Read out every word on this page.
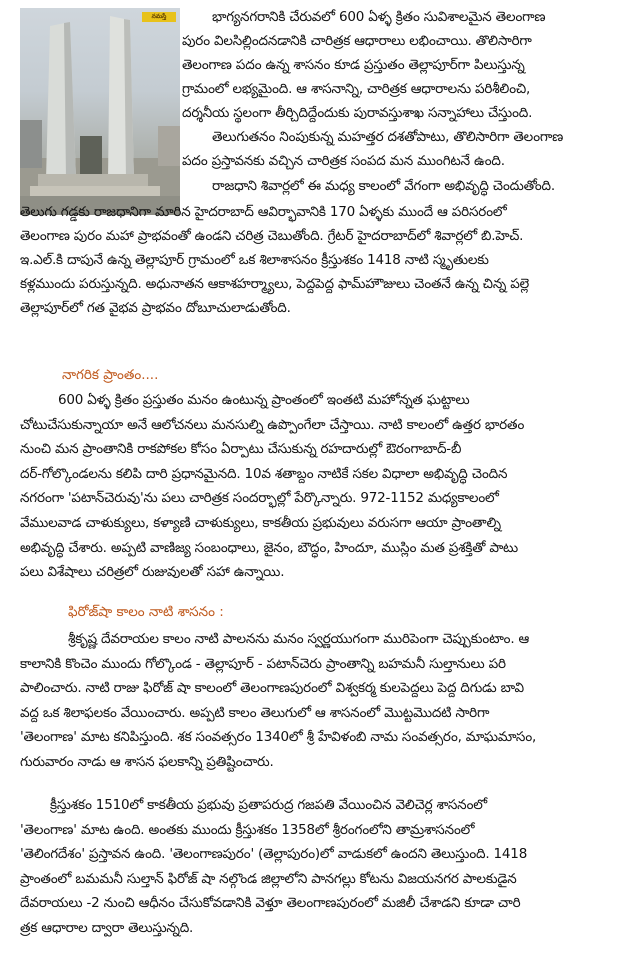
నమస్తే	భాగ్యనగరానికి చేరువలో 600 ఏళ్ళ క్రితం సువిశాలమైన తెలంగాణ
పురం విలసిల్లిందనడానికి చారిత్రక ఆధారాలు లభించాయి. తొలిసారిగా
తెలంగాణ పదం ఉన్న శాసనం కూడ ప్రస్తుతం తెల్లాపూర్‌గా పిలుస్తున్న
గ్రామంలో లభ్యమైంది. ఆ శాసనాన్ని, చారిత్రక ఆధారాలను పరిశీలించి,
దర్శనీయ స్థలంగా తీర్చిదిద్దేందుకు పురావస్తుశాఖ సన్నాహాలు చేస్తుంది.
తెలుగుతనం నింపుకున్న మహత్తర దశతోపాటు, తొలిసారిగా తెలంగాణ
పదం ప్రస్తావనకు వచ్చిన చారిత్రక సంపద మన ముంగిటనే ఉంది.
రాజధాని శివార్లలో ఈ మధ్య కాలంలో వేగంగా అభివృద్ధి చెందుతోంది.
తెలుగు గడ్డకు రాజధానిగా మారిన హైదరాబాద్ ఆవిర్భావానికి 170 ఏళ్ళకు ముందే ఆ పరిసరంలో
తెలంగాణ పురం మహా ప్రాభవంతో ఉండని చరిత్ర చెబుతోంది. గ్రేటర్ హైదరాబాద్‌లో శివార్లలో బి.హెచ్.
ఇ.ఎల్.కి దాపునే ఉన్న తెల్లాపూర్ గ్రామంలో ఒక శిలాశాసనం క్రీస్తుశకం 1418 నాటి స్మృతులకు
కళ్లముందు పరుస్తున్నది. అధునాతన ఆకాశహర్మ్యాలు, పెద్దపెద్ద ఫామ్‌హౌజులు చెంతనే ఉన్న చిన్న పల్లె
తెల్లాపూర్‌లో గత వైభవ ప్రాభవం దోబూచులాడుతోంది.
నాగరిక ప్రాంతం....
600 ఏళ్ళ క్రితం ప్రస్తుతం మనం ఉంటున్న ప్రాంతంలో ఇంతటి మహోన్నత ఘట్టాలు
చోటుచేసుకున్నాయా అనే ఆలోచనలు మనసుల్ని ఉప్పొంగేలా చేస్తాయి. నాటి కాలంలో ఉత్తర భారతం
నుంచి మన ప్రాంతానికి రాకపోకల కోసం ఏర్పాటు చేసుకున్న రహదారుల్లో ఔరంగాబాద్-బీ
దర్-గోల్కొండలను కలిపి దారి ప్రధానమైనది. 10వ శతాబ్దం నాటికే సకల విధాలా అభివృద్ధి చెందిన
నగరంగా 'పటాన్‌చెరువు'ను పలు చారిత్రక సందర్భాల్లో పేర్కొన్నారు. 972-1152 మధ్యకాలంలో
వేములవాడ చాళుక్యులు, కళ్యాణి చాళుక్యులు, కాకతీయ ప్రభువులు వరుసగా ఆయా ప్రాంతాల్ని
అభివృద్ధి చేశారు. అప్పటి వాణిజ్య సంబంధాలు, జైనం, బౌద్ధం, హిందూ, ముస్లిం మత ప్రశక్తితో పాటు
పలు విశేషాలు చరిత్రలో రుజువులతో సహా ఉన్నాయి.
ఫిరోజ్‌షా కాలం నాటి శాసనం :
శ్రీకృష్ణ దేవరాయల కాలం నాటి పాలనను మనం స్వర్ణయుగంగా మురిపెంగా చెప్పుకుంటాం. ఆ
కాలానికి కొంచెం ముందు గోల్కొండ - తెల్లాపూర్ - పటాన్‌చెరు ప్రాంతాన్ని బహమనీ సుల్తానులు పరి
పాలించారు. నాటి రాజు ఫిరోజ్ షా కాలంలో తెలంగాణపురంలో విశ్వకర్మ కులపెద్దలు పెద్ద దిగుడు బావి
వద్ద ఒక శిలాఫలకం వేయించారు. అప్పటి కాలం తెలుగులో ఆ శాసనంలో మొట్టమొదటి సారిగా
'తెలంగాణ' మాట కనిపిస్తుంది. శక సంవత్సరం 1340లో శ్రీ హేవిళంబి నామ సంవత్సరం, మాఘమాసం,
గురువారం నాడు ఆ శాసన ఫలకాన్ని ప్రతిష్టించారు.
క్రీస్తుశకం 1510లో కాకతీయ ప్రభువు ప్రతాపరుద్ర గజపతి వేయించిన వెలిచెర్ల శాసనంలో
'తెలంగాణ' మాట ఉంది. అంతకు ముందు క్రీస్తుశకం 1358లో శ్రీరంగంలోని తామ్రశాసనంలో
'తెలింగదేశం' ప్రస్తావన ఉంది. 'తెలంగాణపురం' (తెల్లాపురం)లో వాడుకలో ఉందని తెలుస్తుంది. 1418
ప్రాంతంలో బమమనీ సుల్తాన్ ఫిరోజ్ షా నల్గొండ జిల్లాలోని పానగల్లు కోటను విజయనగర పాలకుడైన
దేవరాయలు -2 నుంచి ఆధీనం చేసుకోవడానికి వెళ్తూ తెలంగాణపురంలో మజిలీ చేశాడని కూడా చారి
త్రక ఆధారాల ద్వారా తెలుస్తున్నది.
